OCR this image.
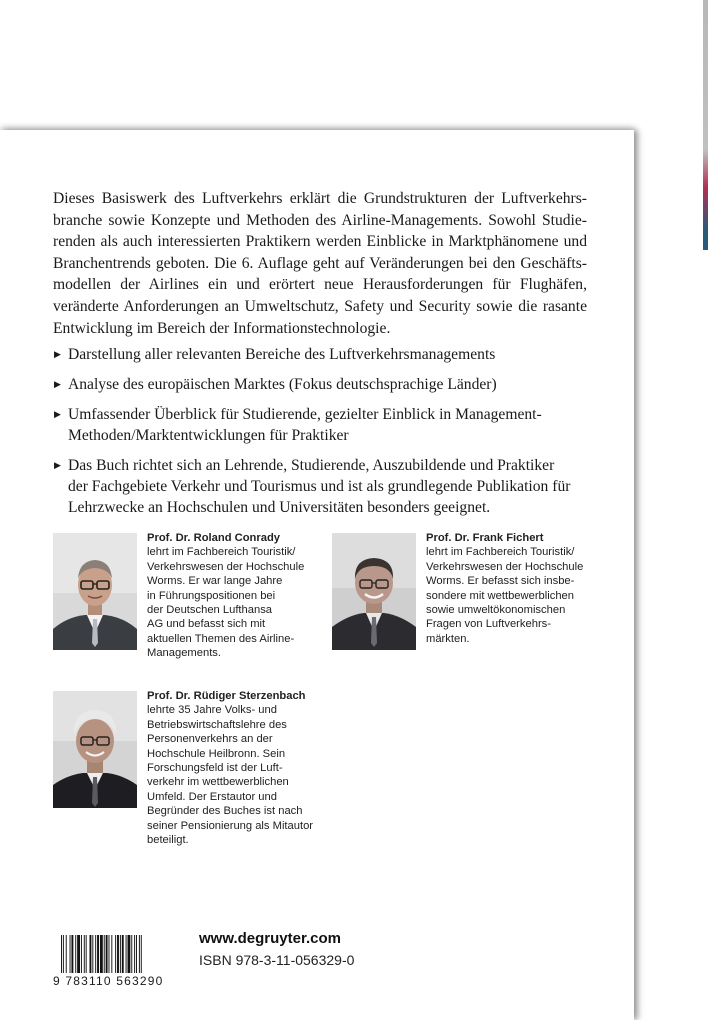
Dieses Basiswerk des Luftverkehrs erklärt die Grundstrukturen der Luftverkehrs-
branche sowie Konzepte und Methoden des Airline-Managements. Sowohl Studie-
renden als auch interessierten Praktikern werden Einblicke in Marktphänomene und
Branchentrends geboten. Die 6. Auflage geht auf Veränderungen bei den Geschäfts-
modellen der Airlines ein und erörtert neue Herausforderungen für Flughäfen,
veränderte Anforderungen an Umweltschutz, Safety und Security sowie die rasante
Entwicklung im Bereich der Informationstechnologie.
▶ Darstellung aller relevanten Bereiche des Luftverkehrsmanagements
▶ Analyse des europäischen Marktes (Fokus deutschsprachige Länder)
▶ Umfassender Überblick für Studierende, gezielter Einblick in Management-
Methoden/Marktentwicklungen für Praktiker
▶ Das Buch richtet sich an Lehrende, Studierende, Auszubildende und Praktiker
der Fachgebiete Verkehr und Tourismus und ist als grundlegende Publikation für
Lehrzwecke an Hochschulen und Universitäten besonders geeignet.
Prof. Dr. Roland Conrady
lehrt im Fachbereich Touristik/
Verkehrswesen der Hochschule
Worms. Er war lange Jahre
in Führungspositionen bei
der Deutschen Lufthansa
AG und befasst sich mit
aktuellen Themen des Airline-
Managements.
Prof. Dr. Frank Fichert
lehrt im Fachbereich Touristik/
Verkehrswesen der Hochschule
Worms. Er befasst sich insbe-
sondere mit wettbewerblichen
sowie umweltökonomischen
Fragen von Luftverkehrs-
märkten.
Prof. Dr. Rüdiger Sterzenbach
lehrte 35 Jahre Volks- und
Betriebswirtschaftslehre des
Personenverkehrs an der
Hochschule Heilbronn. Sein
Forschungsfeld ist der Luft-
verkehr im wettbewerblichen
Umfeld. Der Erstautor und
Begründer des Buches ist nach
seiner Pensionierung als Mitautor
beteiligt.
9 783110 563290
www.degruyter.com
ISBN 978-3-11-056329-0
